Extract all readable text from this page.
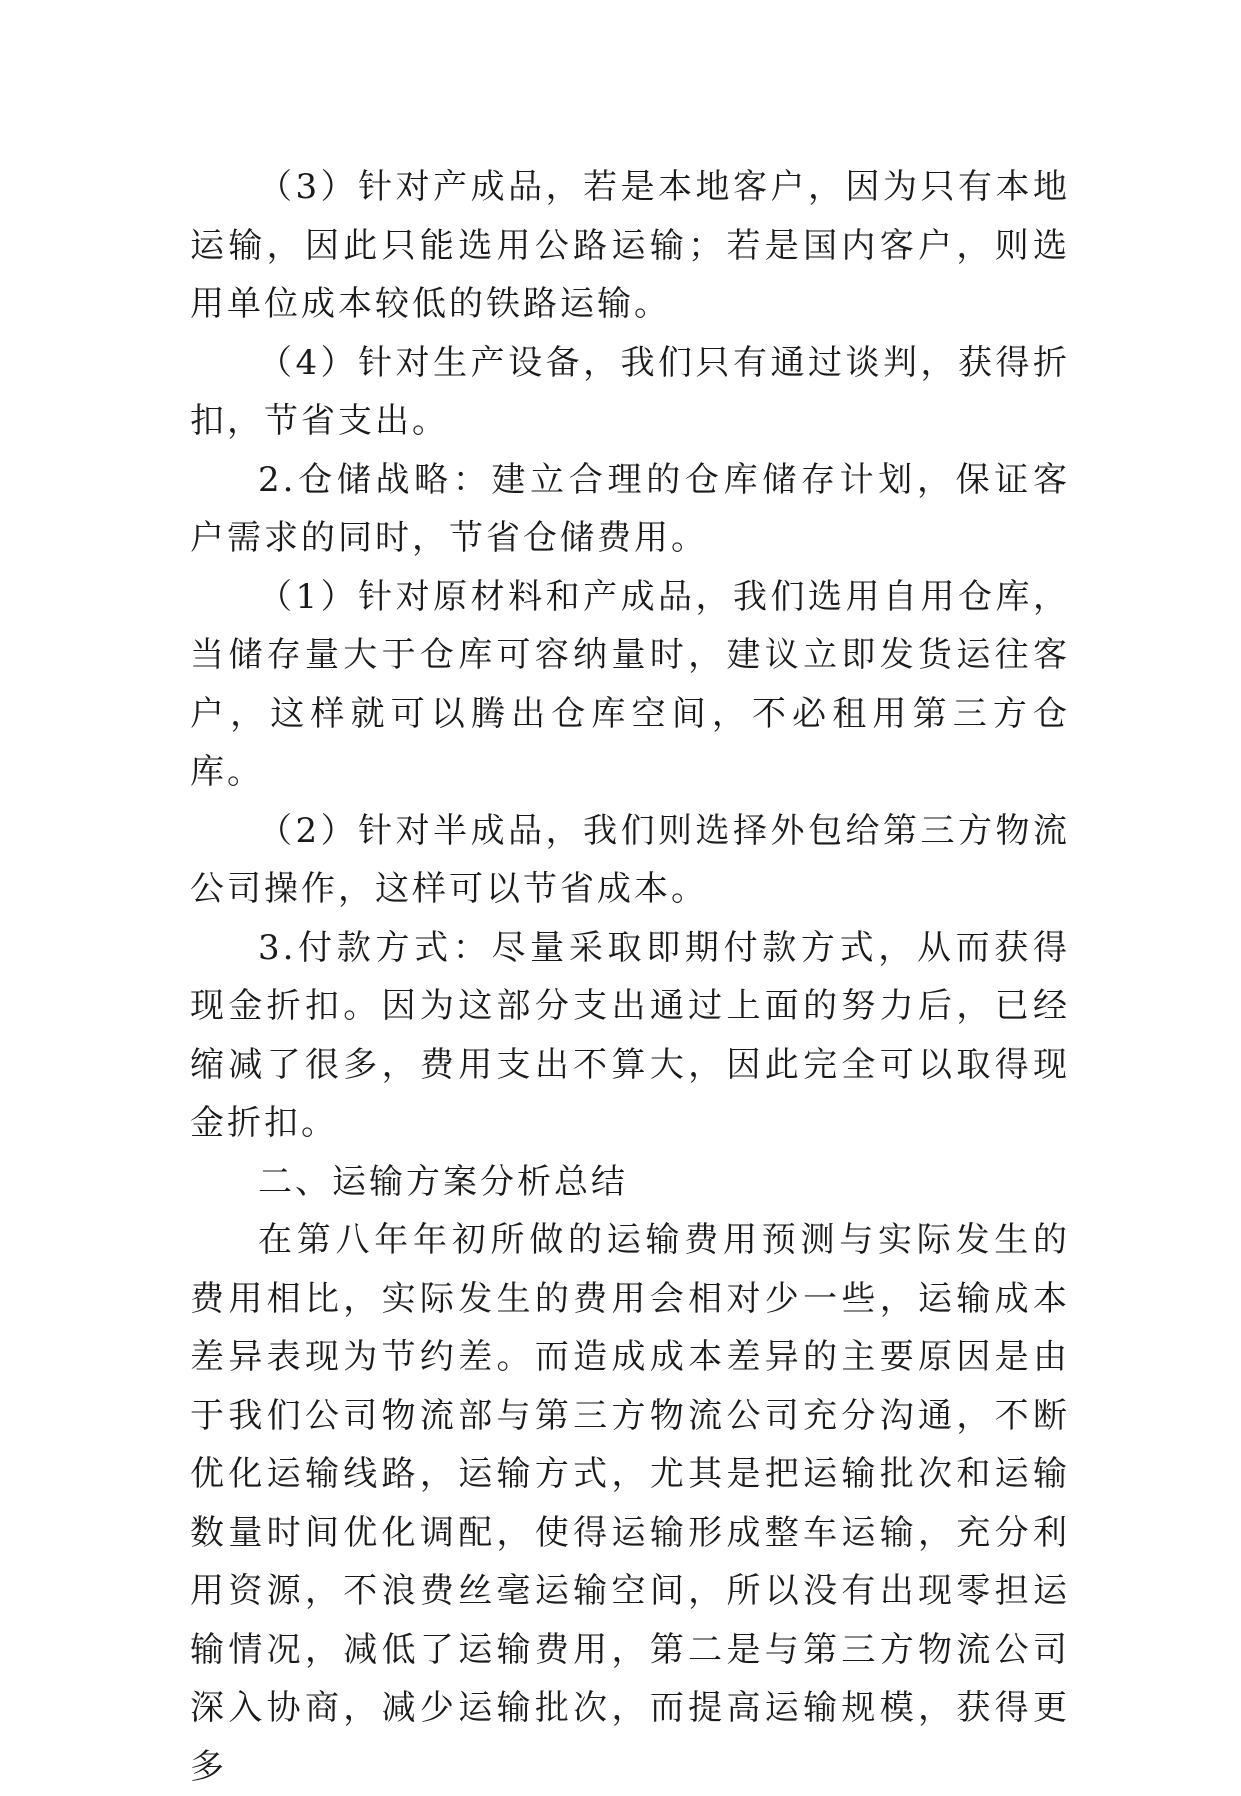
（3）针对产成品，若是本地客户，因为只有本地运输，因此只能选用公路运输；若是国内客户，则选用单位成本较低的铁路运输。

（4）针对生产设备，我们只有通过谈判，获得折扣，节省支出。

2.仓储战略：建立合理的仓库储存计划，保证客户需求的同时，节省仓储费用。

（1）针对原材料和产成品，我们选用自用仓库，当储存量大于仓库可容纳量时，建议立即发货运往客户，这样就可以腾出仓库空间，不必租用第三方仓库。

（2）针对半成品，我们则选择外包给第三方物流公司操作，这样可以节省成本。

3.付款方式：尽量采取即期付款方式，从而获得现金折扣。因为这部分支出通过上面的努力后，已经缩减了很多，费用支出不算大，因此完全可以取得现金折扣。

二、运输方案分析总结

在第八年年初所做的运输费用预测与实际发生的费用相比，实际发生的费用会相对少一些，运输成本差异表现为节约差。而造成成本差异的主要原因是由于我们公司物流部与第三方物流公司充分沟通，不断优化运输线路，运输方式，尤其是把运输批次和运输数量时间优化调配，使得运输形成整车运输，充分利用资源，不浪费丝毫运输空间，所以没有出现零担运输情况，减低了运输费用，第二是与第三方物流公司深入协商，减少运输批次，而提高运输规模，获得更多
